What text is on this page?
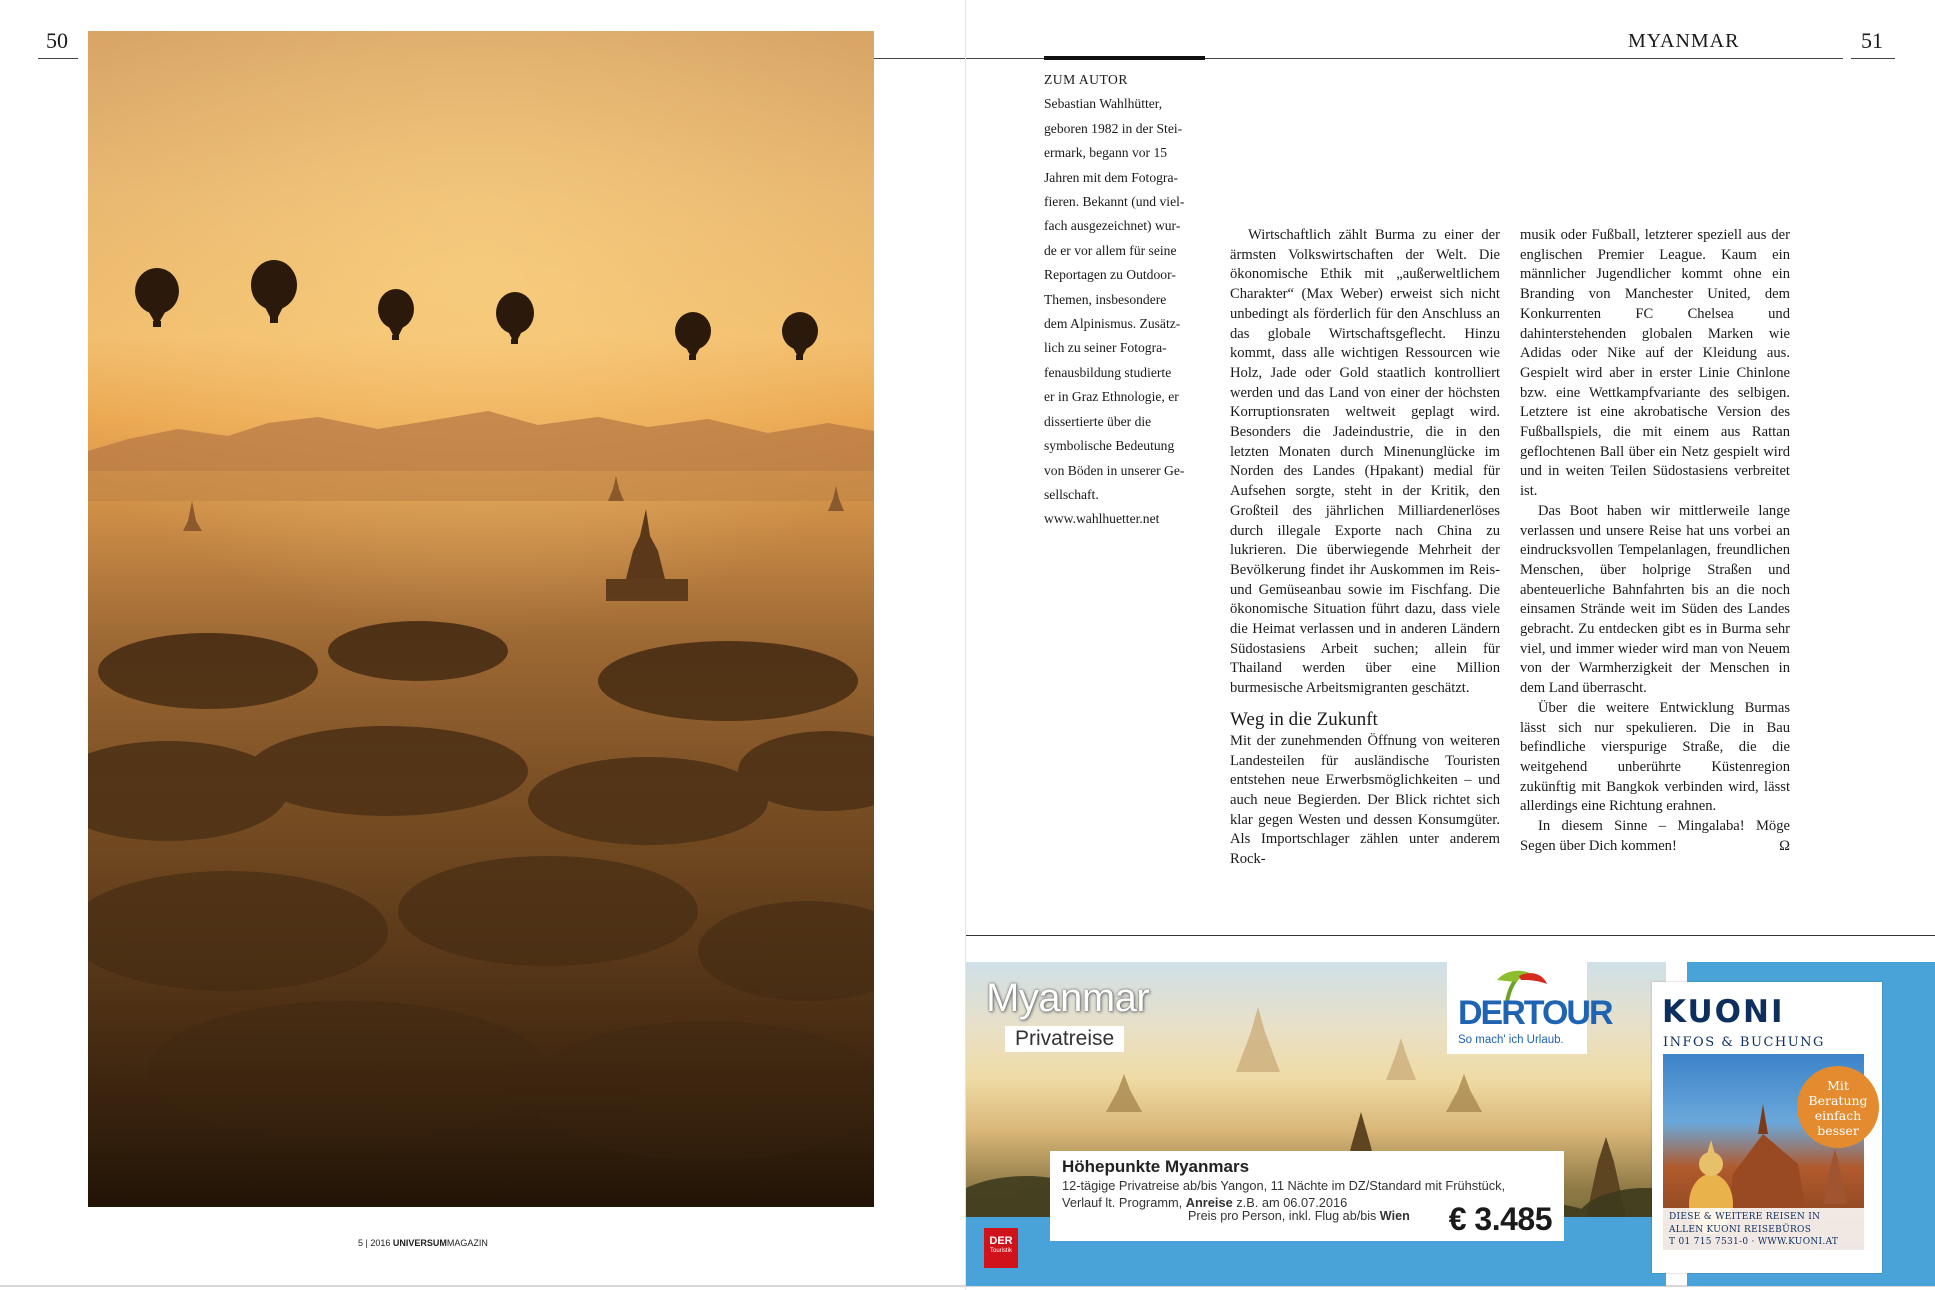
50	51
MYANMAR
5 | 2016 UNIVERSUMMAGAZIN
ZUM AUTOR
Sebastian Wahlhütter,
geboren 1982 in der Stei-
ermark, begann vor 15
Jahren mit dem Fotogra-
fieren. Bekannt (und viel-
fach ausgezeichnet) wur-
de er vor allem für seine
Reportagen zu Outdoor-
Themen, insbesondere
dem Alpinismus. Zusätz-
lich zu seiner Fotogra-
fenausbildung studierte
er in Graz Ethnologie, er
dissertierte über die
symbolische Bedeutung
von Böden in unserer Ge-
sellschaft.
www.wahlhuetter.net

Wirtschaftlich zählt Burma zu einer der ärmsten Volkswirtschaften der Welt. Die ökonomische Ethik mit „außerweltlichem Charakter“ (Max Weber) erweist sich nicht unbedingt als förderlich für den Anschluss an das globale Wirtschaftsgeflecht. Hinzu kommt, dass alle wichtigen Ressourcen wie Holz, Jade oder Gold staatlich kontrolliert werden und das Land von einer der höchsten Korruptionsraten weltweit geplagt wird. Besonders die Jadeindustrie, die in den letzten Monaten durch Minenunglücke im Norden des Landes (Hpakant) medial für Aufsehen sorgte, steht in der Kritik, den Großteil des jährlichen Milliardenerlöses durch illegale Exporte nach China zu lukrieren. Die überwiegende Mehrheit der Bevölkerung findet ihr Auskommen im Reis- und Gemüseanbau sowie im Fischfang. Die ökonomische Situation führt dazu, dass viele die Heimat verlassen und in anderen Ländern Südostasiens Arbeit suchen; allein für Thailand werden über eine Million burmesische Arbeitsmigranten geschätzt.

Weg in die Zukunft

Mit der zunehmenden Öffnung von weiteren Landesteilen für ausländische Touristen entstehen neue Erwerbsmöglichkeiten – und auch neue Begierden. Der Blick richtet sich klar gegen Westen und dessen Konsumgüter. Als Importschlager zählen unter anderem Rock-

musik oder Fußball, letzterer speziell aus der englischen Premier League. Kaum ein männlicher Jugendlicher kommt ohne ein Branding von Manchester United, dem Konkurrenten FC Chelsea und dahinterstehenden globalen Marken wie Adidas oder Nike auf der Kleidung aus. Gespielt wird aber in erster Linie Chinlone bzw. eine Wettkampfvariante des selbigen. Letztere ist eine akrobatische Version des Fußballspiels, die mit einem aus Rattan geflochtenen Ball über ein Netz gespielt wird und in weiten Teilen Südostasiens verbreitet ist.

Das Boot haben wir mittlerweile lange verlassen und unsere Reise hat uns vorbei an eindrucksvollen Tempelanlagen, freundlichen Menschen, über holprige Straßen und abenteuerliche Bahnfahrten bis an die noch einsamen Strände weit im Süden des Landes gebracht. Zu entdecken gibt es in Burma sehr viel, und immer wieder wird man von Neuem von der Warmherzigkeit der Menschen in dem Land überrascht.

Über die weitere Entwicklung Burmas lässt sich nur spekulieren. Die in Bau befindliche vierspurige Straße, die die weitgehend unberührte Küstenregion zukünftig mit Bangkok verbinden wird, lässt allerdings eine Richtung erahnen.

In diesem Sinne – Mingalaba! Möge Segen über Dich kommen!	Ω

Myanmar
Privatreise
DERTOUR
So mach' ich Urlaub.
DER
Touristik
Höhepunkte Myanmars
12-tägige Privatreise ab/bis Yangon, 11 Nächte im DZ/Standard mit Frühstück,
Verlauf lt. Programm, Anreise z.B. am 06.07.2016
Preis pro Person, inkl. Flug ab/bis Wien € 3.485
KUONI
INFOS & BUCHUNG
Mit
Beratung
einfach
besser
DIESE & WEITERE REISEN IN
ALLEN KUONI REISEBÜROS
T 01 715 7531-0 · WWW.KUONI.AT
